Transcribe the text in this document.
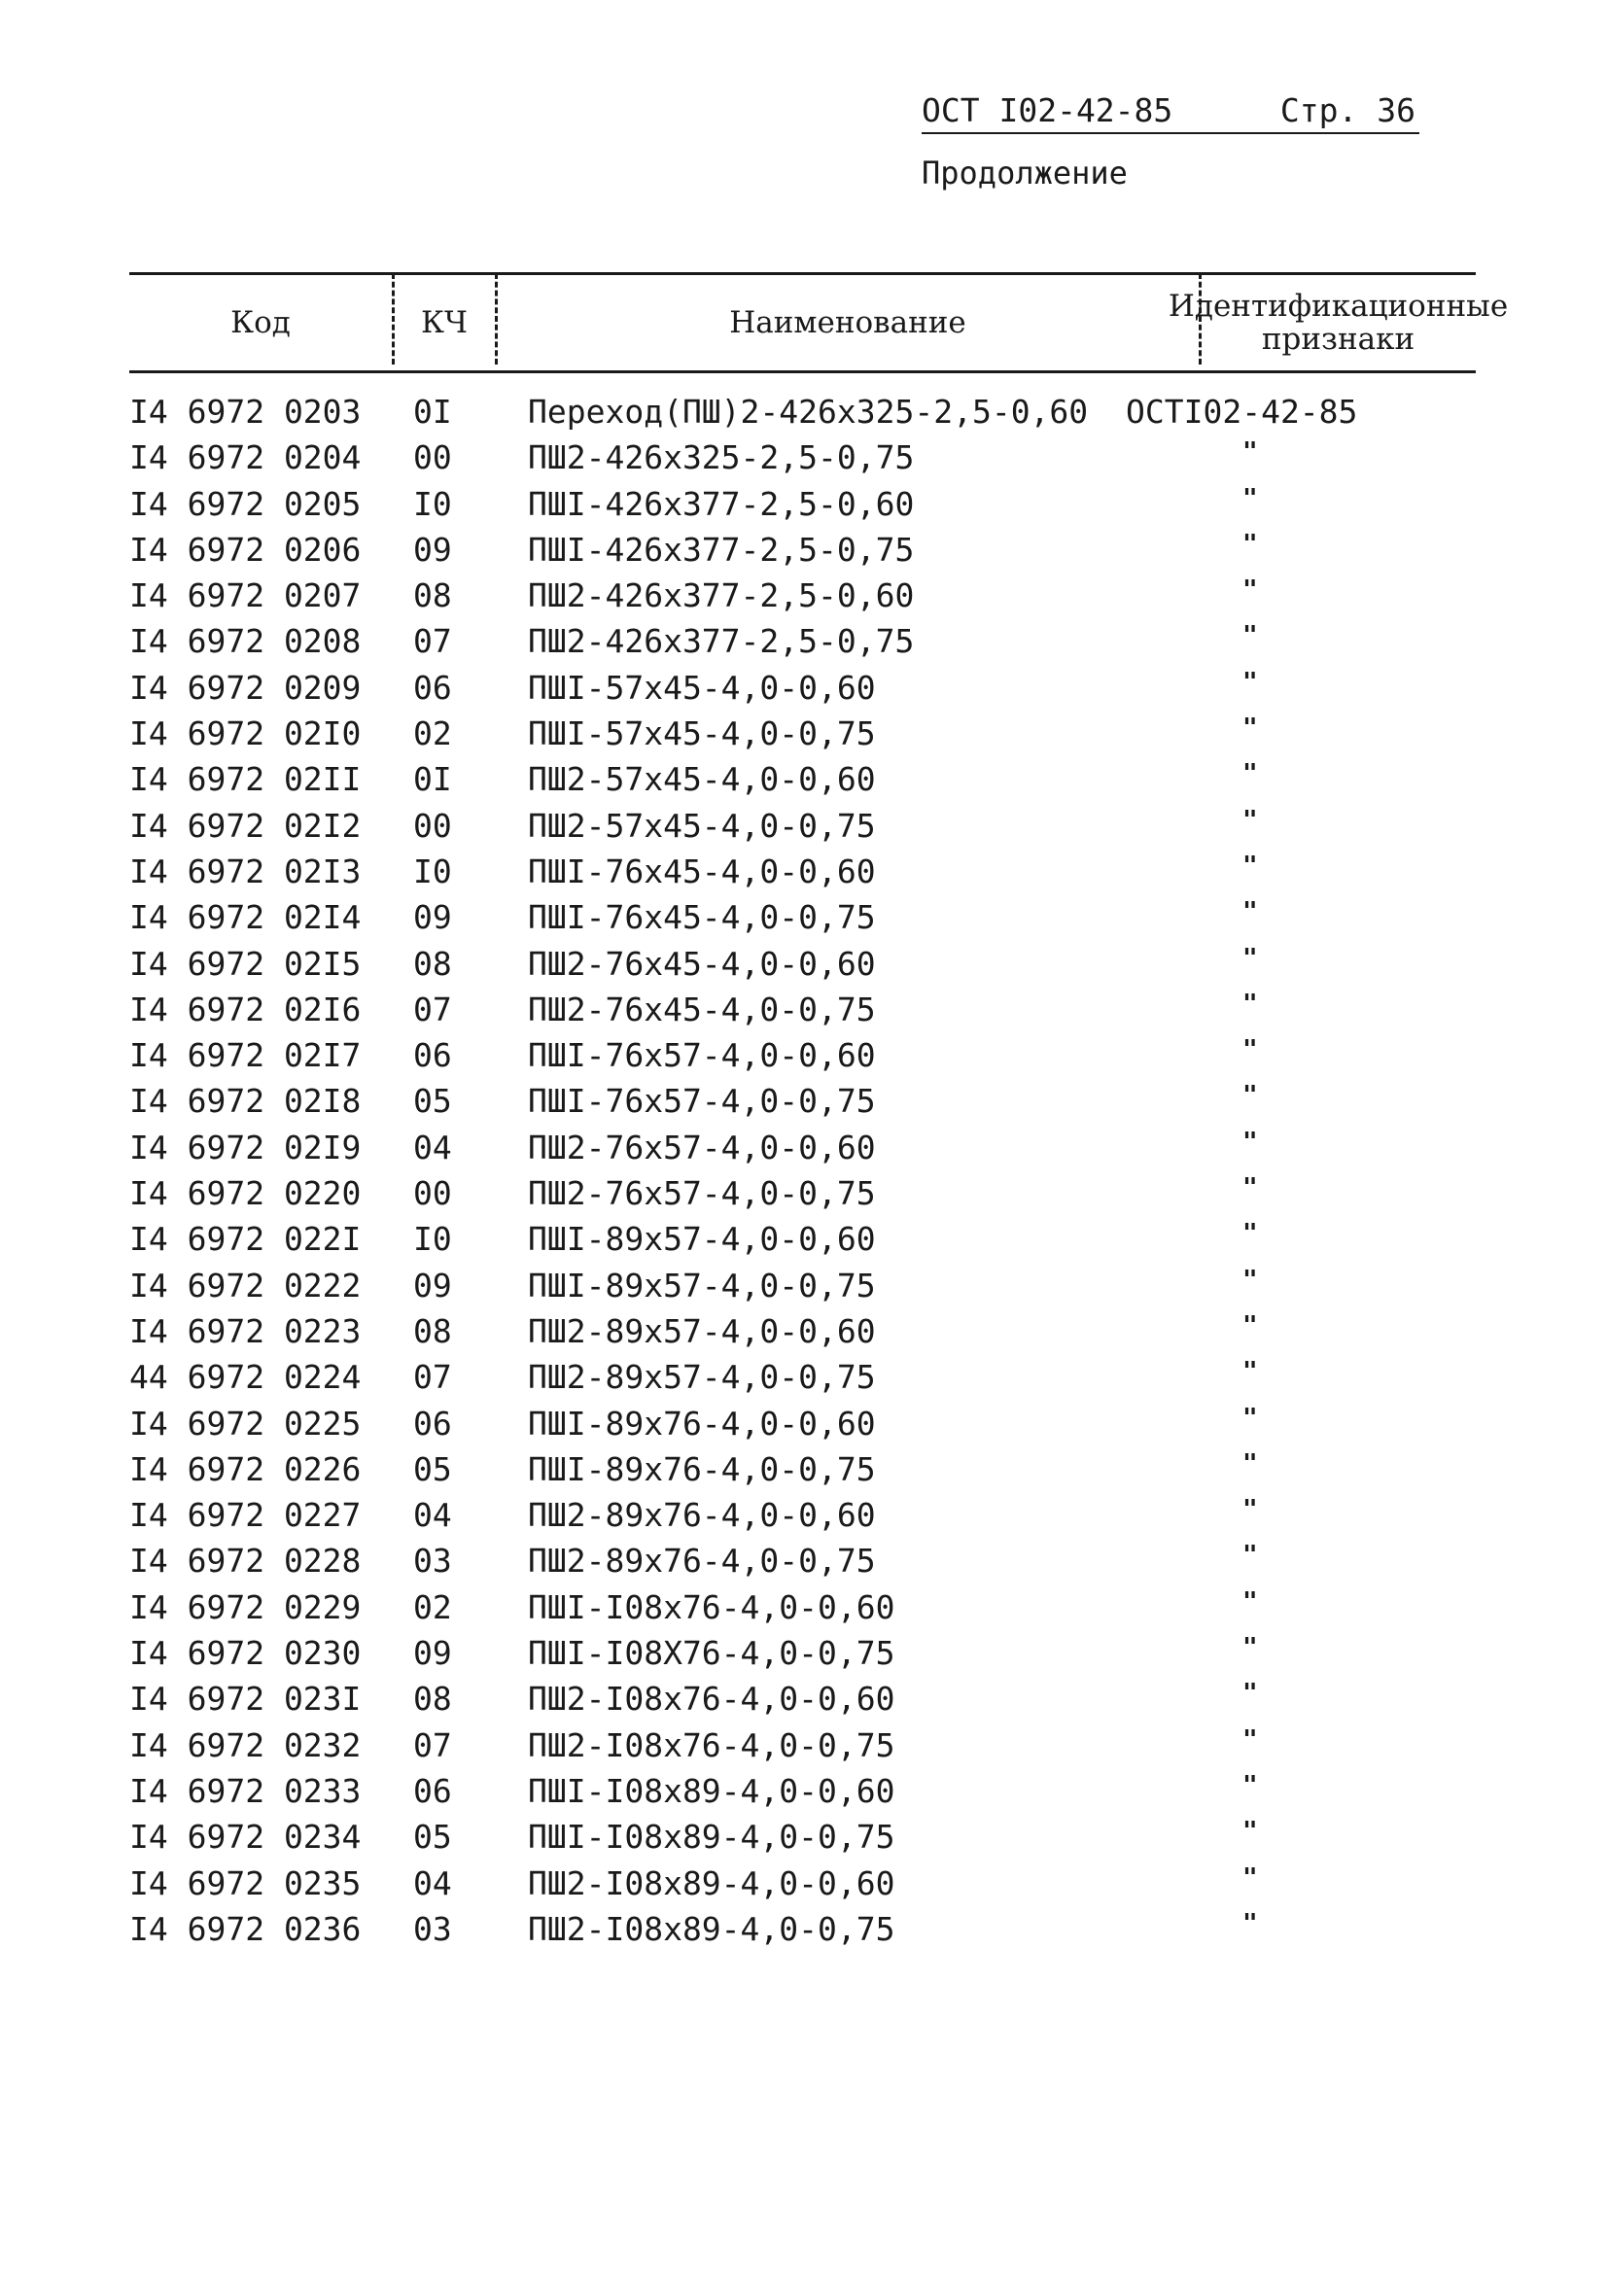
ОСТ I02-42-85	Стр. 36
Продолжение
Код	КЧ	Наименование	Идентификационные
признаки
I4 6972 0203 0I Переход(ПШ)2-426x325-2,5-0,60 ОСТI02-42-85
I4 6972 0204 00 ПШ2-426x325-2,5-0,75	"
I4 6972 0205 I0 ПШI-426x377-2,5-0,60	"
I4 6972 0206 09 ПШI-426x377-2,5-0,75	"
I4 6972 0207 08 ПШ2-426x377-2,5-0,60	"
I4 6972 0208 07 ПШ2-426x377-2,5-0,75	"
I4 6972 0209 06 ПШI-57x45-4,0-0,60	"
I4 6972 02I0 02 ПШI-57x45-4,0-0,75	"
I4 6972 02II 0I ПШ2-57x45-4,0-0,60	"
I4 6972 02I2 00 ПШ2-57x45-4,0-0,75	"
I4 6972 02I3 I0 ПШI-76x45-4,0-0,60	"
I4 6972 02I4 09 ПШI-76x45-4,0-0,75	"
I4 6972 02I5 08 ПШ2-76x45-4,0-0,60	"
I4 6972 02I6 07 ПШ2-76x45-4,0-0,75	"
I4 6972 02I7 06 ПШI-76x57-4,0-0,60	"
I4 6972 02I8 05 ПШI-76x57-4,0-0,75	"
I4 6972 02I9 04 ПШ2-76x57-4,0-0,60	"
I4 6972 0220 00 ПШ2-76x57-4,0-0,75	"
I4 6972 022I I0 ПШI-89x57-4,0-0,60	"
I4 6972 0222 09 ПШI-89x57-4,0-0,75	"
I4 6972 0223 08 ПШ2-89x57-4,0-0,60	"
44 6972 0224 07 ПШ2-89x57-4,0-0,75	"
I4 6972 0225 06 ПШI-89x76-4,0-0,60	"
I4 6972 0226 05 ПШI-89x76-4,0-0,75	"
I4 6972 0227 04 ПШ2-89x76-4,0-0,60	"
I4 6972 0228 03 ПШ2-89x76-4,0-0,75	"
I4 6972 0229 02 ПШI-I08x76-4,0-0,60	"
I4 6972 0230 09 ПШI-I08X76-4,0-0,75	"
I4 6972 023I 08 ПШ2-I08x76-4,0-0,60	"
I4 6972 0232 07 ПШ2-I08x76-4,0-0,75	"
I4 6972 0233 06 ПШI-I08x89-4,0-0,60	"
I4 6972 0234 05 ПШI-I08x89-4,0-0,75	"
I4 6972 0235 04 ПШ2-I08x89-4,0-0,60	"
I4 6972 0236 03 ПШ2-I08x89-4,0-0,75	"
